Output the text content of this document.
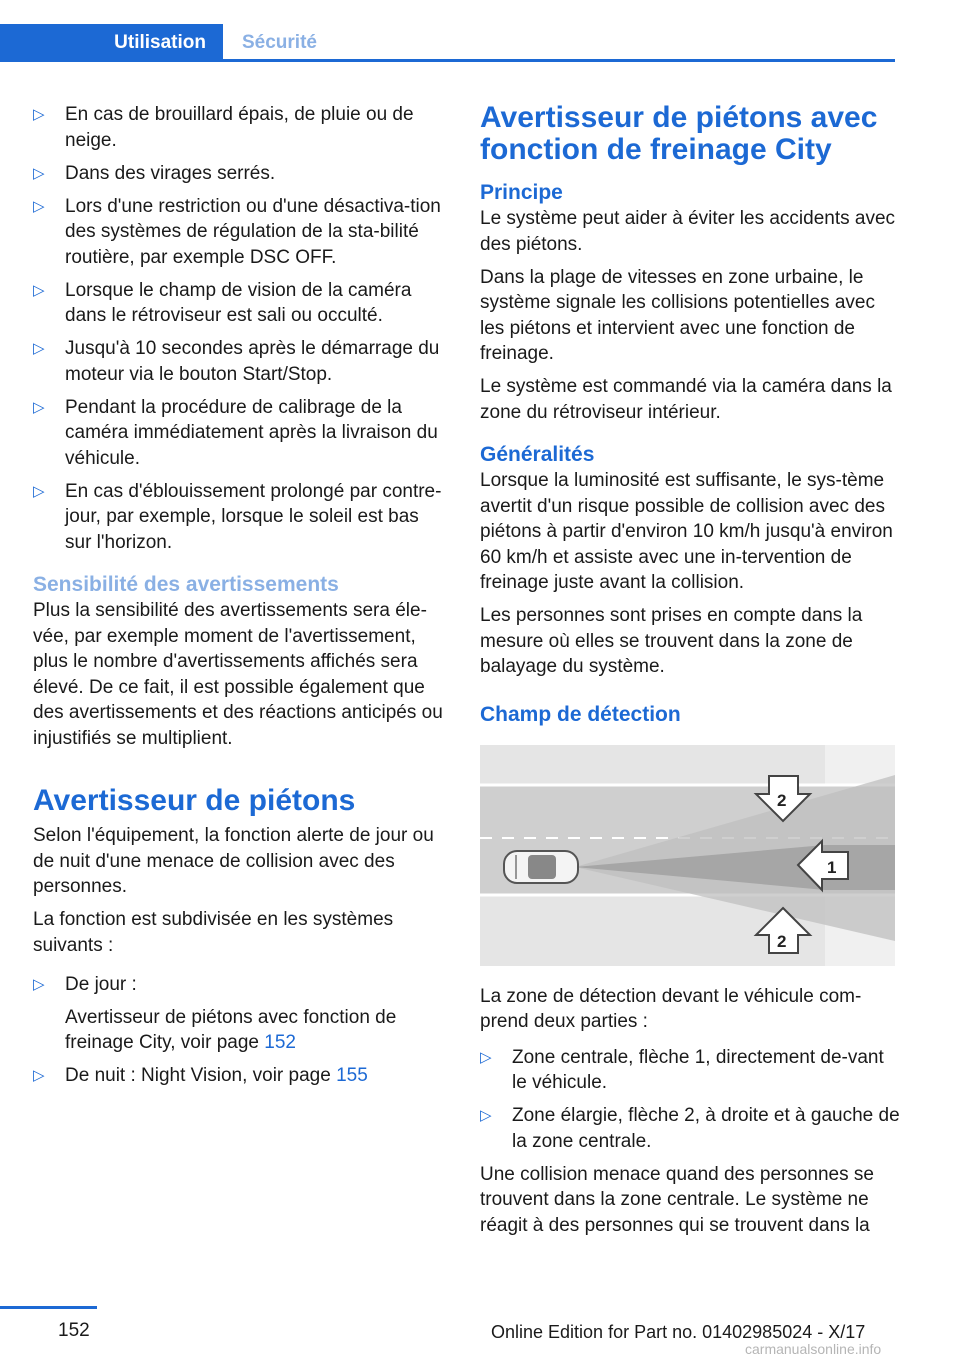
Utilisation	Sécurité
▷ En cas de brouillard épais, de pluie ou de neige.
▷ Dans des virages serrés.
▷ Lors d'une restriction ou d'une désactiva‐tion des systèmes de régulation de la sta‐bilité routière, par exemple DSC OFF.
▷ Lorsque le champ de vision de la caméra dans le rétroviseur est sali ou occulté.
▷ Jusqu'à 10 secondes après le démarrage du moteur via le bouton Start/Stop.
▷ Pendant la procédure de calibrage de la caméra immédiatement après la livraison du véhicule.
▷ En cas d'éblouissement prolongé par contre-jour, par exemple, lorsque le soleil est bas sur l'horizon.
Sensibilité des avertissements

Plus la sensibilité des avertissements sera éle‐vée, par exemple moment de l'avertissement, plus le nombre d'avertissements affichés sera élevé. De ce fait, il est possible également que des avertissements et des réactions anticipés ou injustifiés se multiplient.

Avertisseur de piétons

Selon l'équipement, la fonction alerte de jour ou de nuit d'une menace de collision avec des personnes.

La fonction est subdivisée en les systèmes suivants :

▷ De jour :
Avertisseur de piétons avec fonction de freinage City, voir page 152
▷ De nuit : Night Vision, voir page 155
Avertisseur de piétons avec fonction de freinage City
Principe

Le système peut aider à éviter les accidents avec des piétons.

Dans la plage de vitesses en zone urbaine, le système signale les collisions potentielles avec les piétons et intervient avec une fonction de freinage.

Le système est commandé via la caméra dans la zone du rétroviseur intérieur.

Généralités

Lorsque la luminosité est suffisante, le sys‐tème avertit d'un risque possible de collision avec des piétons à partir d'environ 10 km/h jusqu'à environ 60 km/h et assiste avec une in‐tervention de freinage juste avant la collision.

Les personnes sont prises en compte dans la mesure où elles se trouvent dans la zone de balayage du système.

Champ de détection
1
2
2

La zone de détection devant le véhicule com‐prend deux parties :

▷ Zone centrale, flèche 1, directement de‐vant le véhicule.
▷ Zone élargie, flèche 2, à droite et à gauche de la zone centrale.

Une collision menace quand des personnes se trouvent dans la zone centrale. Le système ne réagit à des personnes qui se trouvent dans la

152	Online Edition for Part no. 01402985024 - X/17
carmanualsonline.info
